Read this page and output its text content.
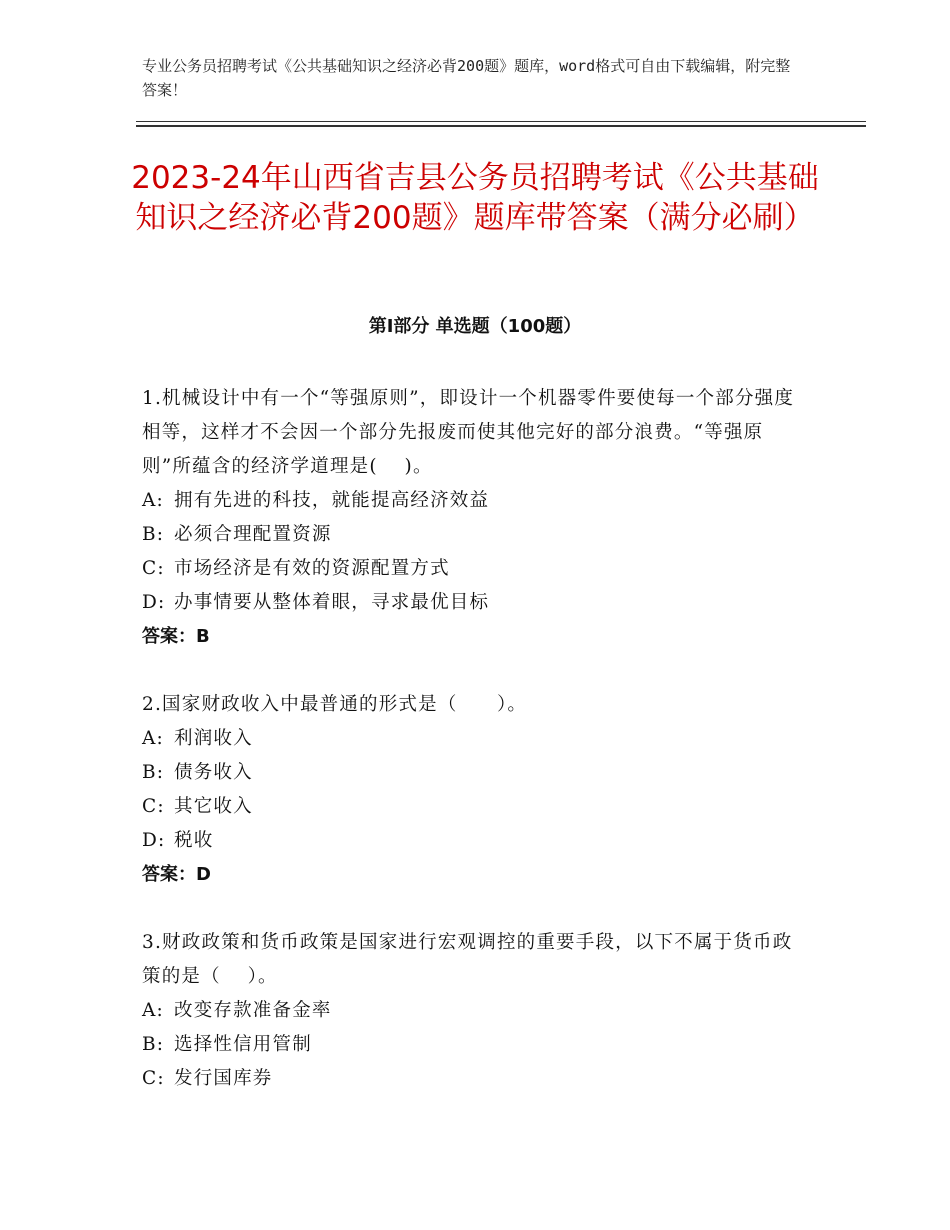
专业公务员招聘考试《公共基础知识之经济必背200题》题库，word格式可自由下载编辑，附完整答案！
2023-24年山西省吉县公务员招聘考试《公共基础知识之经济必背200题》题库带答案（满分必刷）
第Ⅰ部分 单选题（100题）

1.机械设计中有一个“等强原则”，即设计一个机器零件要使每一个部分强度相等，这样才不会因一个部分先报废而使其他完好的部分浪费。“等强原则”所蕴含的经济学道理是(　 )。

A: 拥有先进的科技，就能提高经济效益

B: 必须合理配置资源

C: 市场经济是有效的资源配置方式

D: 办事情要从整体着眼，寻求最优目标

答案：B

2.国家财政收入中最普通的形式是（　　）。

A: 利润收入

B: 债务收入

C: 其它收入

D: 税收

答案：D

3.财政政策和货币政策是国家进行宏观调控的重要手段，以下不属于货币政策的是（　 ）。

A: 改变存款准备金率

B: 选择性信用管制

C: 发行国库券
